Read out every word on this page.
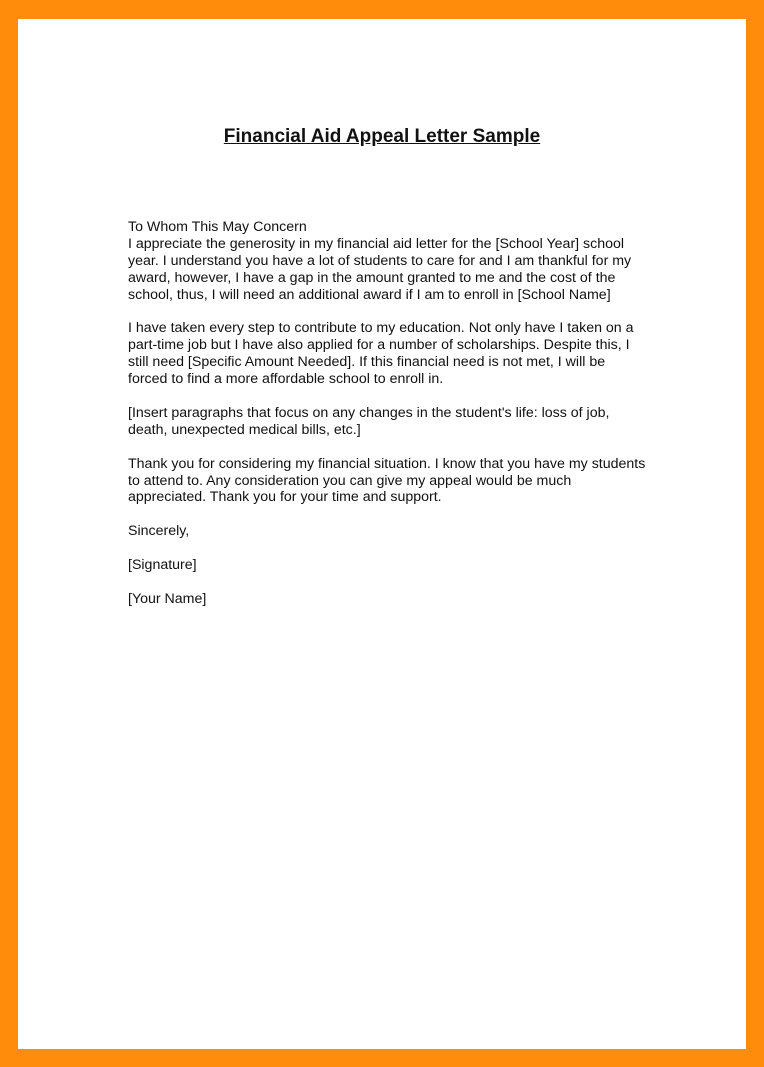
Financial Aid Appeal Letter Sample

To Whom This May Concern

I appreciate the generosity in my financial aid letter for the [School Year] school year. I understand you have a lot of students to care for and I am thankful for my award, however, I have a gap in the amount granted to me and the cost of the school, thus, I will need an additional award if I am to enroll in [School Name]

I have taken every step to contribute to my education. Not only have I taken on a part-time job but I have also applied for a number of scholarships. Despite this, I still need [Specific Amount Needed]. If this financial need is not met, I will be forced to find a more affordable school to enroll in.

[Insert paragraphs that focus on any changes in the student's life: loss of job, death, unexpected medical bills, etc.]

Thank you for considering my financial situation. I know that you have my students to attend to. Any consideration you can give my appeal would be much appreciated. Thank you for your time and support.

Sincerely,

[Signature]

[Your Name]
